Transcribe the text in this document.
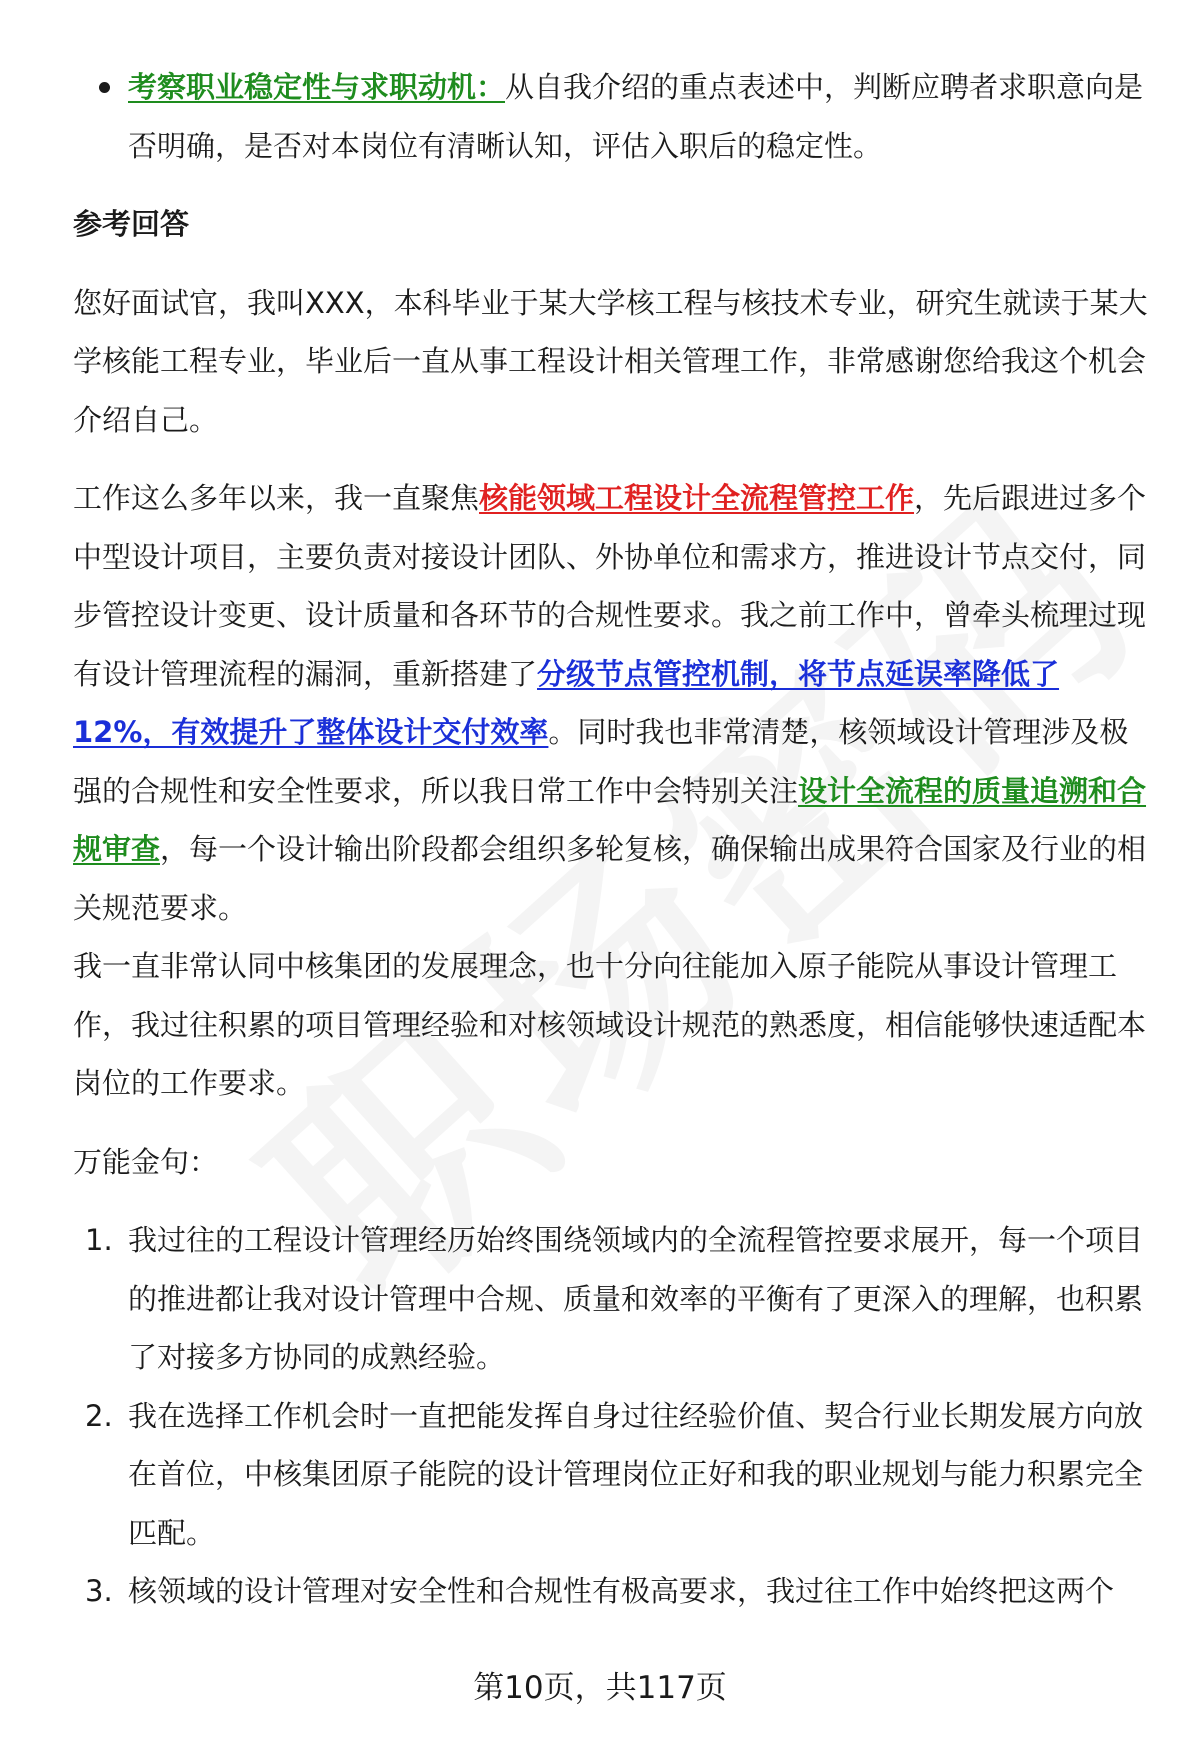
考察职业稳定性与求职动机：从自我介绍的重点表述中，判断应聘者求职意向是否明确，是否对本岗位有清晰认知，评估入职后的稳定性。
参考回答
您好面试官，我叫XXX，本科毕业于某大学核工程与核技术专业，研究生就读于某大学核能工程专业，毕业后一直从事工程设计相关管理工作，非常感谢您给我这个机会介绍自己。
工作这么多年以来，我一直聚焦核能领域工程设计全流程管控工作，先后跟进过多个中型设计项目，主要负责对接设计团队、外协单位和需求方，推进设计节点交付，同步管控设计变更、设计质量和各环节的合规性要求。我之前工作中，曾牵头梳理过现有设计管理流程的漏洞，重新搭建了分级节点管控机制，将节点延误率降低了12%，有效提升了整体设计交付效率。同时我也非常清楚，核领域设计管理涉及极强的合规性和安全性要求，所以我日常工作中会特别关注设计全流程的质量追溯和合规审查，每一个设计输出阶段都会组织多轮复核，确保输出成果符合国家及行业的相关规范要求。
我一直非常认同中核集团的发展理念，也十分向往能加入原子能院从事设计管理工作，我过往积累的项目管理经验和对核领域设计规范的熟悉度，相信能够快速适配本岗位的工作要求。
万能金句：
1. 我过往的工程设计管理经历始终围绕领域内的全流程管控要求展开，每一个项目的推进都让我对设计管理中合规、质量和效率的平衡有了更深入的理解，也积累了对接多方协同的成熟经验。
2. 我在选择工作机会时一直把能发挥自身过往经验价值、契合行业长期发展方向放在首位，中核集团原子能院的设计管理岗位正好和我的职业规划与能力积累完全匹配。
3. 核领域的设计管理对安全性和合规性有极高要求，我过往工作中始终把这两个
第10页，共117页
